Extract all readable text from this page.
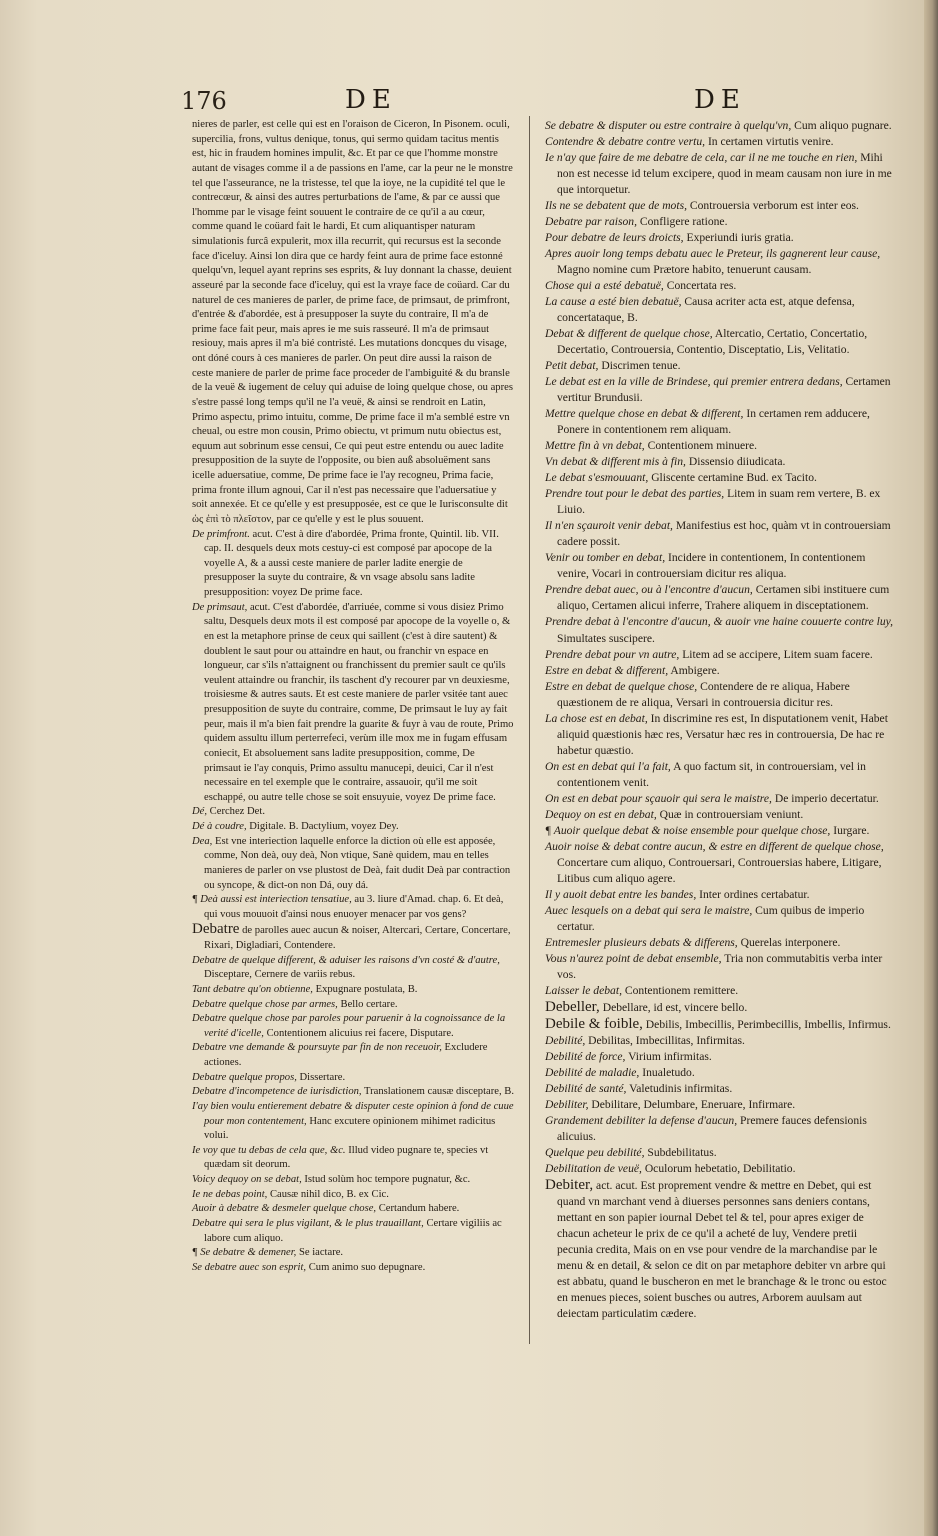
176	DE	DE

nieres de parler, est celle qui est en l'oraison de Ciceron, In Pisonem. oculi, supercilia, frons, vultus denique, tonus, qui sermo quidam tacitus mentis est, hic in fraudem homines impulit, &c. Et par ce que l'homme monstre autant de visages comme il a de passions en l'ame, car la peur ne le monstre tel que l'asseurance, ne la tristesse, tel que la ioye, ne la cupidité tel que le contrecœur, & ainsi des autres perturbations de l'ame, & par ce aussi que l'homme par le visage feint souuent le contraire de ce qu'il a au cœur, comme quand le coüard fait le hardi, Et cum aliquantisper naturam simulationis furcâ expulerit, mox illa recurrit, qui recursus est la seconde face d'iceluy. Ainsi lon dira que ce hardy feint aura de prime face estonné quelqu'vn, lequel ayant reprins ses esprits, & luy donnant la chasse, deuient asseuré par la seconde face d'iceluy, qui est la vraye face de coüard. Car du naturel de ces manieres de parler, de prime face, de primsaut, de primfront, d'entrée & d'abordée, est à presupposer la suyte du contraire, Il m'a de prime face fait peur, mais apres ie me suis rasseuré. Il m'a de primsaut resiouy, mais apres il m'a bié contristé. Les mutations doncques du visage, ont dóné cours à ces manieres de parler. On peut dire aussi la raison de ceste maniere de parler de prime face proceder de l'ambiguité & du bransle de la veuë & iugement de celuy qui aduise de loing quelque chose, ou apres s'estre passé long temps qu'il ne l'a veuë, & ainsi se rendroit en Latin, Primo aspectu, primo intuitu, comme, De prime face il m'a semblé estre vn cheual, ou estre mon cousin, Primo obiectu, vt primum nutu obiectus est, equum aut sobrinum esse censui, Ce qui peut estre entendu ou auec ladite presupposition de la suyte de l'opposite, ou bien auß absoluëment sans icelle aduersatiue, comme, De prime face ie l'ay recogneu, Prima facie, prima fronte illum agnoui, Car il n'est pas necessaire que l'aduersatiue y soit annexée. Et ce qu'elle y est presupposée, est ce que le Iurisconsulte dit ὡς ἐπὶ τὸ πλεῖστον, par ce qu'elle y est le plus souuent.

De primfront. acut. C'est à dire d'abordée, Prima fronte, Quintil. lib. VII. cap. II. desquels deux mots cestuy-ci est composé par apocope de la voyelle A, & a aussi ceste maniere de parler ladite energie de presupposer la suyte du contraire, & vn vsage absolu sans ladite presupposition: voyez De prime face.

De primsaut, acut. C'est d'abordée, d'arriuée, comme si vous disiez Primo saltu, Desquels deux mots il est composé par apocope de la voyelle o, & en est la metaphore prinse de ceux qui saillent (c'est à dire sautent) & doublent le saut pour ou attaindre en haut, ou franchir vn espace en longueur, car s'ils n'attaignent ou franchissent du premier sault ce qu'ils veulent attaindre ou franchir, ils taschent d'y recourer par vn deuxiesme, troisiesme & autres sauts. Et est ceste maniere de parler vsitée tant auec presupposition de suyte du contraire, comme, De primsaut le luy ay fait peur, mais il m'a bien fait prendre la guarite & fuyr à vau de route, Primo quidem assultu illum perterrefeci, verùm ille mox me in fugam effusam coniecit, Et absoluement sans ladite presupposition, comme, De primsaut ie l'ay conquis, Primo assultu manucepi, deuici, Car il n'est necessaire en tel exemple que le contraire, assauoir, qu'il me soit eschappé, ou autre telle chose se soit ensuyuie, voyez De prime face.

Dé, Cerchez Det.

Dé à coudre, Digitale. B. Dactylium, voyez Dey.

Dea, Est vne interiection laquelle enforce la diction où elle est apposée, comme, Non deà, ouy deà, Non vtique, Sanè quidem, mau en telles manieres de parler on vse plustost de Deà, fait dudit Deà par contraction ou syncope, & dict-on non Dá, ouy dá.

¶ Deà aussi est interiection tensatiue, au 3. liure d'Amad. chap. 6. Et deà, qui vous mouuoit d'ainsi nous enuoyer menacer par vos gens?

Debatre de parolles auec aucun & noiser, Altercari, Certare, Concertare, Rixari, Digladiari, Contendere.

Debatre de quelque different, & aduiser les raisons d'vn costé & d'autre, Disceptare, Cernere de variis rebus.

Tant debatre qu'on obtienne, Expugnare postulata, B.

Debatre quelque chose par armes, Bello certare.

Debatre quelque chose par paroles pour paruenir à la cognoissance de la verité d'icelle, Contentionem alicuius rei facere, Disputare.

Debatre vne demande & poursuyte par fin de non receuoir, Excludere actiones.

Debatre quelque propos, Dissertare.

Debatre d'incompetence de iurisdiction, Translationem causæ disceptare, B.

I'ay bien voulu entierement debatre & disputer ceste opinion à fond de cuue pour mon contentement, Hanc excutere opinionem mihimet radicitus volui.

Ie voy que tu debas de cela que, &c. Illud video pugnare te, species vt quædam sit deorum.

Voicy dequoy on se debat, Istud solùm hoc tempore pugnatur, &c.

Ie ne debas point, Causæ nihil dico, B. ex Cic.

Auoir à debatre & desmeler quelque chose, Certandum habere.

Debatre qui sera le plus vigilant, & le plus trauaillant, Certare vigiliis ac labore cum aliquo.

¶ Se debatre & demener, Se iactare.

Se debatre auec son esprit, Cum animo suo depugnare.

Se debatre & disputer ou estre contraire à quelqu'vn, Cum aliquo pugnare.

Contendre & debatre contre vertu, In certamen virtutis venire.

Ie n'ay que faire de me debatre de cela, car il ne me touche en rien, Mihi non est necesse id telum excipere, quod in meam causam non iure in me que intorquetur.

Ils ne se debatent que de mots, Controuersia verborum est inter eos.

Debatre par raison, Confligere ratione.

Pour debatre de leurs droicts, Experiundi iuris gratia.

Apres auoir long temps debatu auec le Preteur, ils gagnerent leur cause, Magno nomine cum Prætore habito, tenuerunt causam.

Chose qui a esté debatuë, Concertata res.

La cause a esté bien debatuë, Causa acriter acta est, atque defensa, concertataque, B.

Debat & different de quelque chose, Altercatio, Certatio, Concertatio, Decertatio, Controuersia, Contentio, Disceptatio, Lis, Velitatio.

Petit debat, Discrimen tenue.

Le debat est en la ville de Brindese, qui premier entrera dedans, Certamen vertitur Brundusii.

Mettre quelque chose en debat & different, In certamen rem adducere, Ponere in contentionem rem aliquam.

Mettre fin à vn debat, Contentionem minuere.

Vn debat & different mis à fin, Dissensio diiudicata.

Le debat s'esmouuant, Gliscente certamine Bud. ex Tacito.

Prendre tout pour le debat des parties, Litem in suam rem vertere, B. ex Liuio.

Il n'en sçauroit venir debat, Manifestius est hoc, quàm vt in controuersiam cadere possit.

Venir ou tomber en debat, Incidere in contentionem, In contentionem venire, Vocari in controuersiam dicitur res aliqua.

Prendre debat auec, ou à l'encontre d'aucun, Certamen sibi instituere cum aliquo, Certamen alicui inferre, Trahere aliquem in disceptationem.

Prendre debat à l'encontre d'aucun, & auoir vne haine couuerte contre luy, Simultates suscipere.

Prendre debat pour vn autre, Litem ad se accipere, Litem suam facere.

Estre en debat & different, Ambigere.

Estre en debat de quelque chose, Contendere de re aliqua, Habere quæstionem de re aliqua, Versari in controuersia dicitur res.

La chose est en debat, In discrimine res est, In disputationem venit, Habet aliquid quæstionis hæc res, Versatur hæc res in controuersia, De hac re habetur quæstio.

On est en debat qui l'a fait, A quo factum sit, in controuersiam, vel in contentionem venit.

On est en debat pour sçauoir qui sera le maistre, De imperio decertatur.

Dequoy on est en debat, Quæ in controuersiam veniunt.

¶ Auoir quelque debat & noise ensemble pour quelque chose, Iurgare.

Auoir noise & debat contre aucun, & estre en different de quelque chose, Concertare cum aliquo, Controuersari, Controuersias habere, Litigare, Litibus cum aliquo agere.

Il y auoit debat entre les bandes, Inter ordines certabatur.

Auec lesquels on a debat qui sera le maistre, Cum quibus de imperio certatur.

Entremesler plusieurs debats & differens, Querelas interponere.

Vous n'aurez point de debat ensemble, Tria non commutabitis verba inter vos.

Laisser le debat, Contentionem remittere.

Debeller, Debellare, id est, vincere bello.

Debile & foible, Debilis, Imbecillis, Perimbecillis, Imbellis, Infirmus.

Debilité, Debilitas, Imbecillitas, Infirmitas.

Debilité de force, Virium infirmitas.

Debilité de maladie, Inualetudo.

Debilité de santé, Valetudinis infirmitas.

Debiliter, Debilitare, Delumbare, Eneruare, Infirmare.

Grandement debiliter la defense d'aucun, Premere fauces defensionis alicuius.

Quelque peu debilité, Subdebilitatus.

Debilitation de veuë, Oculorum hebetatio, Debilitatio.

Debiter, act. acut. Est proprement vendre & mettre en Debet, qui est quand vn marchant vend à diuerses personnes sans deniers contans, mettant en son papier iournal Debet tel & tel, pour apres exiger de chacun acheteur le prix de ce qu'il a acheté de luy, Vendere pretii pecunia credita, Mais on en vse pour vendre de la marchandise par le menu & en detail, & selon ce dit on par metaphore debiter vn arbre qui est abbatu, quand le buscheron en met le branchage & le tronc ou estoc en menues pieces, soient busches ou autres, Arborem auulsam aut deiectam particulatim cædere.
